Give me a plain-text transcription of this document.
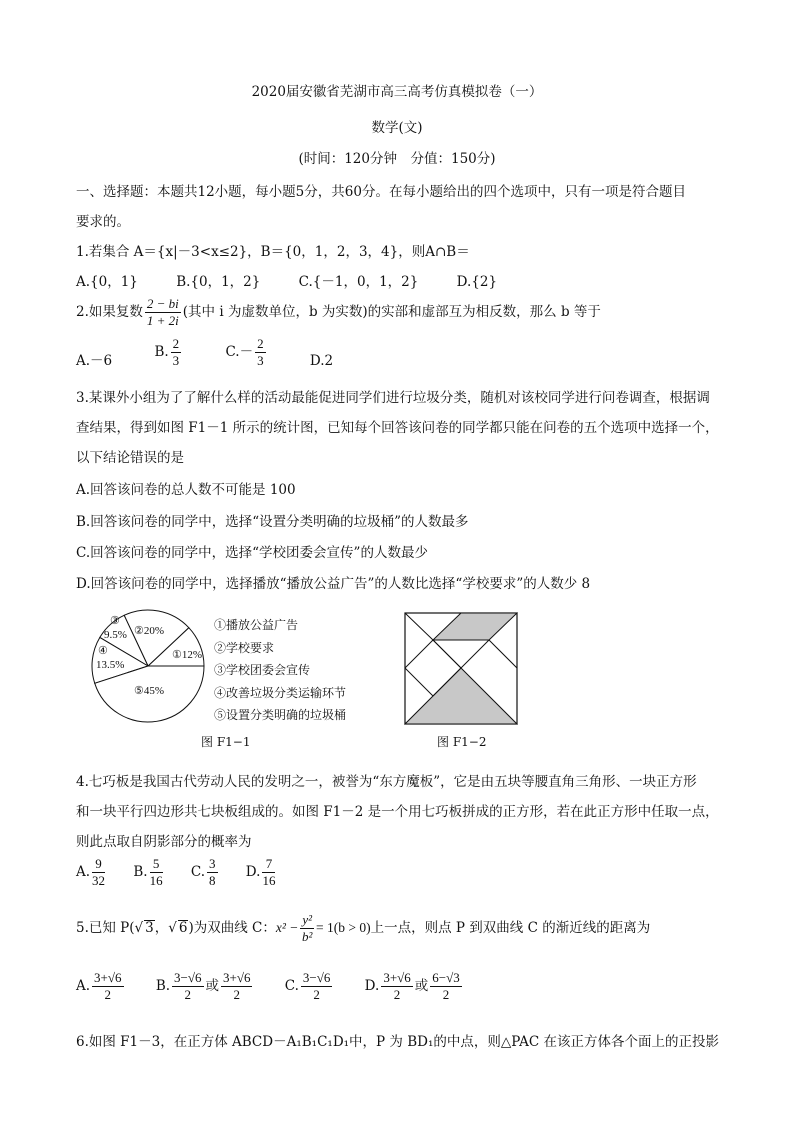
2020届安徽省芜湖市高三高考仿真模拟卷（一）
数学(文)
(时间：120分钟　分值：150分)
一、选择题：本题共12小题，每小题5分，共60分。在每小题给出的四个选项中，只有一项是符合题目
要求的。
1.若集合 A＝{x|－3<x≤2}，B＝{0，1，2，3，4}，则A∩B＝
A.{0，1}	B.{0，1，2}	C.{－1，0，1，2}	D.{2}
2.如果复数 $\frac{2 - bi}{1 + 2i}$ (其中 i 为虚数单位，b 为实数)的实部和虚部互为相反数，那么 b 等于
A.－6 B. $\frac{2}{3}$	$C.- \frac{2}{3}$	D.2
3.某课外小组为了了解什么样的活动最能促进同学们进行垃圾分类，随机对该校同学进行问卷调查，根据调
查结果，得到如图 F1－1 所示的统计图，已知每个回答该问卷的同学都只能在问卷的五个选项中选择一个，
以下结论错误的是
A.回答该问卷的总人数不可能是 100
B.回答该问卷的同学中，选择“设置分类明确的垃圾桶”的人数最多
C.回答该问卷的同学中，选择“学校团委会宣传”的人数最少
D.回答该问卷的同学中，选择播放“播放公益广告”的人数比选择“学校要求”的人数少 8
①12%
②20%
③
9.5%
④
13.5%
⑤45%
①播放公益广告
②学校要求
③学校团委会宣传
④改善垃圾分类运输环节
⑤设置分类明确的垃圾桶
图 F1−1	图 F1−2
4.七巧板是我国古代劳动人民的发明之一，被誉为“东方魔板”，它是由五块等腰直角三角形、一块正方形
和一块平行四边形共七块板组成的。如图 F1－2 是一个用七巧板拼成的正方形，若在此正方形中任取一点，
则此点取自阴影部分的概率为
A. $\frac{9}{32} B$. $\frac{5}{16} C$. $\frac{3}{8} D$. $\frac{7}{16}$
5.已知 P(√ 3，√ 6)为双曲线 C：$x^2 - \frac{\text{y²}}{\text{b²}} = 1(b > 0)$上一点，则点 P 到双曲线 C 的渐近线的距离为
A. $\frac{3+√6}{2} B$. $\frac{3-√6}{2}$ 或 $\frac{3+√6}{2} C$. $\frac{3-√6}{2} D$. $\frac{3+√6}{2}$ 或 $\frac{6-√3}{2}$
6.如图 F1－3，在正方体 ABCD－A₁B₁C₁D₁中，P 为 BD₁的中点，则△PAC 在该正方体各个面上的正投影
